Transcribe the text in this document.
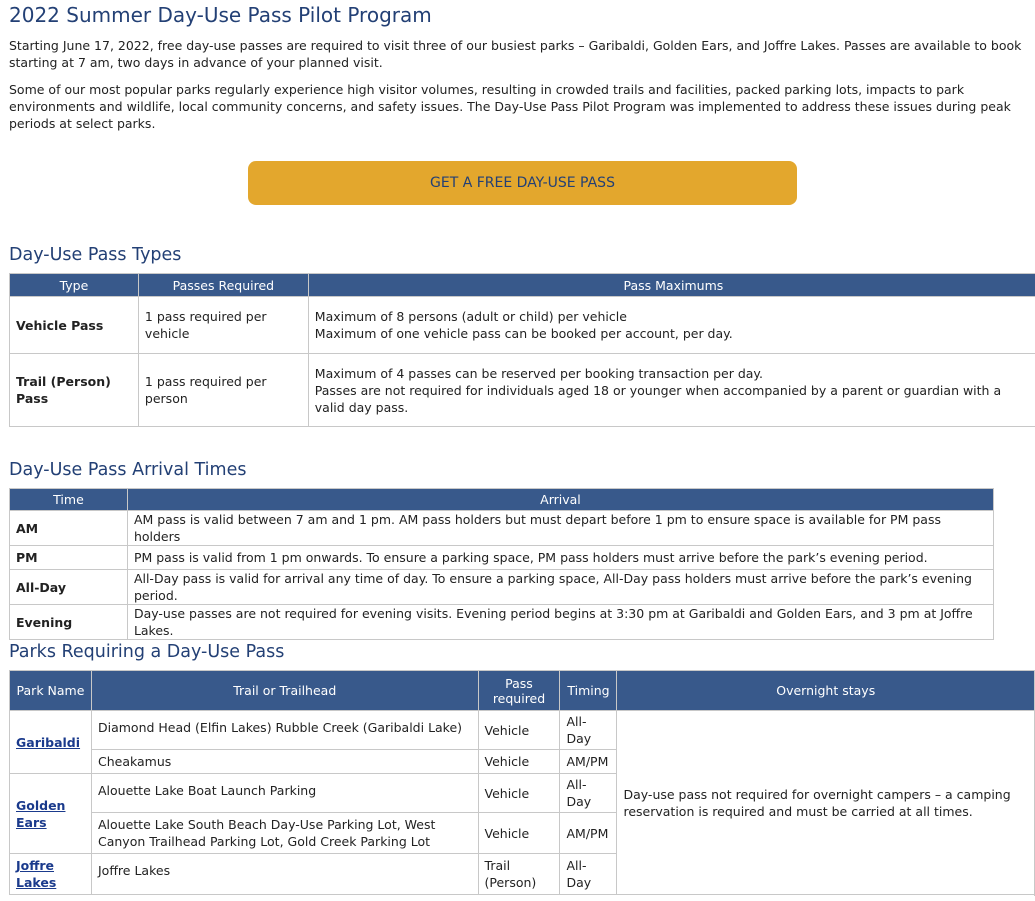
2022 Summer Day-Use Pass Pilot Program

Starting June 17, 2022, free day-use passes are required to visit three of our busiest parks – Garibaldi, Golden Ears, and Joffre Lakes. Passes are available to book starting at 7 am, two days in advance of your planned visit.

Some of our most popular parks regularly experience high visitor volumes, resulting in crowded trails and facilities, packed parking lots, impacts to park environments and wildlife, local community concerns, and safety issues. The Day-Use Pass Pilot Program was implemented to address these issues during peak periods at select parks.

GET A FREE DAY-USE PASS
Day-Use Pass Types
Type	Passes Required	Pass Maximums
Vehicle Pass	1 pass required per vehicle	Maximum of 8 persons (adult or child) per vehicle
Maximum of one vehicle pass can be booked per account, per day.

Trail (Person) Pass	1 pass required per person	Maximum of 4 passes can be reserved per booking transaction per day.
Passes are not required for individuals aged 18 or younger when accompanied by a parent or guardian with a valid day pass.
Day-Use Pass Arrival Times
Time	Arrival
AM	AM pass is valid between 7 am and 1 pm. AM pass holders but must depart before 1 pm to ensure space is available for PM pass holders
PM	PM pass is valid from 1 pm onwards. To ensure a parking space, PM pass holders must arrive before the park’s evening period.
All-Day	All-Day pass is valid for arrival any time of day. To ensure a parking space, All-Day pass holders must arrive before the park’s evening period.
Evening	Day-use passes are not required for evening visits. Evening period begins at 3:30 pm at Garibaldi and Golden Ears, and 3 pm at Joffre Lakes.
Parks Requiring a Day-Use Pass
Park Name	Trail or Trailhead	Pass required	Timing	Overnight stays
Garibaldi	Diamond Head (Elfin Lakes) Rubble Creek (Garibaldi Lake)	Vehicle	All-Day	Day-use pass not required for overnight campers – a camping reservation is required and must be carried at all times.
	Cheakamus	Vehicle	AM/PM	
Golden Ears	Alouette Lake Boat Launch Parking	Vehicle	All-Day	
	Alouette Lake South Beach Day-Use Parking Lot, West Canyon Trailhead Parking Lot, Gold Creek Parking Lot	Vehicle	AM/PM	
Joffre Lakes	Joffre Lakes	Trail (Person)	All-Day	
